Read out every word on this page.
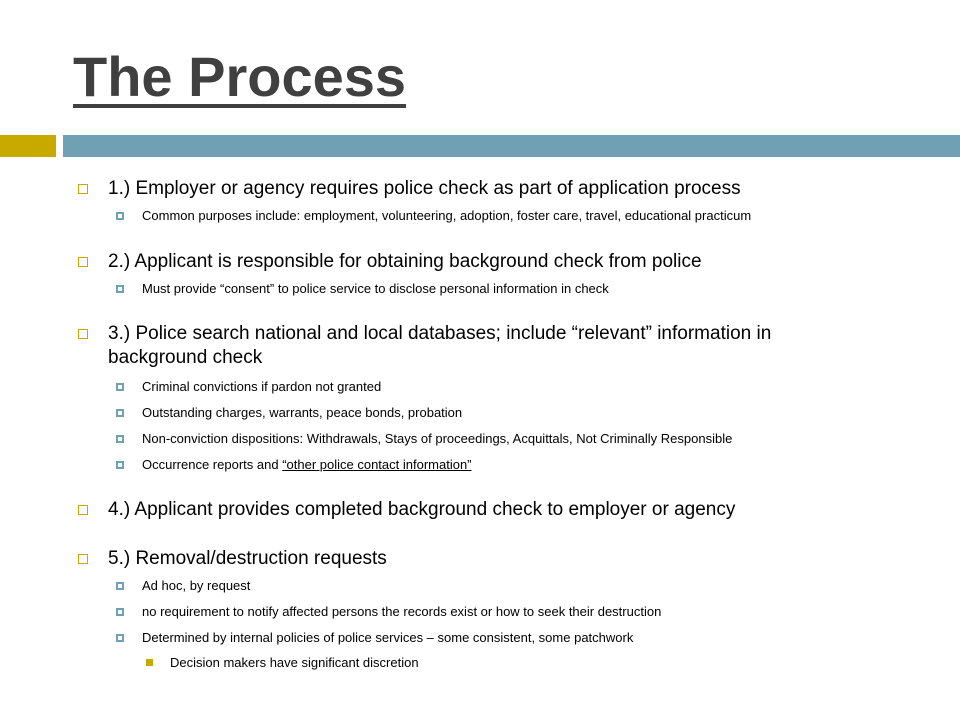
The Process
1.) Employer or agency requires police check as part of application process
Common purposes include: employment, volunteering, adoption, foster care, travel, educational practicum
2.) Applicant is responsible for obtaining background check from police
Must provide “consent” to police service to disclose personal information in check
3.) Police search national and local databases; include “relevant” information in background check
Criminal convictions if pardon not granted
Outstanding charges, warrants, peace bonds, probation
Non-conviction dispositions: Withdrawals, Stays of proceedings, Acquittals, Not Criminally Responsible
Occurrence reports and “other police contact information”
4.) Applicant provides completed background check to employer or agency
5.) Removal/destruction requests
Ad hoc, by request
no requirement to notify affected persons the records exist or how to seek their destruction
Determined by internal policies of police services – some consistent, some patchwork
Decision makers have significant discretion
